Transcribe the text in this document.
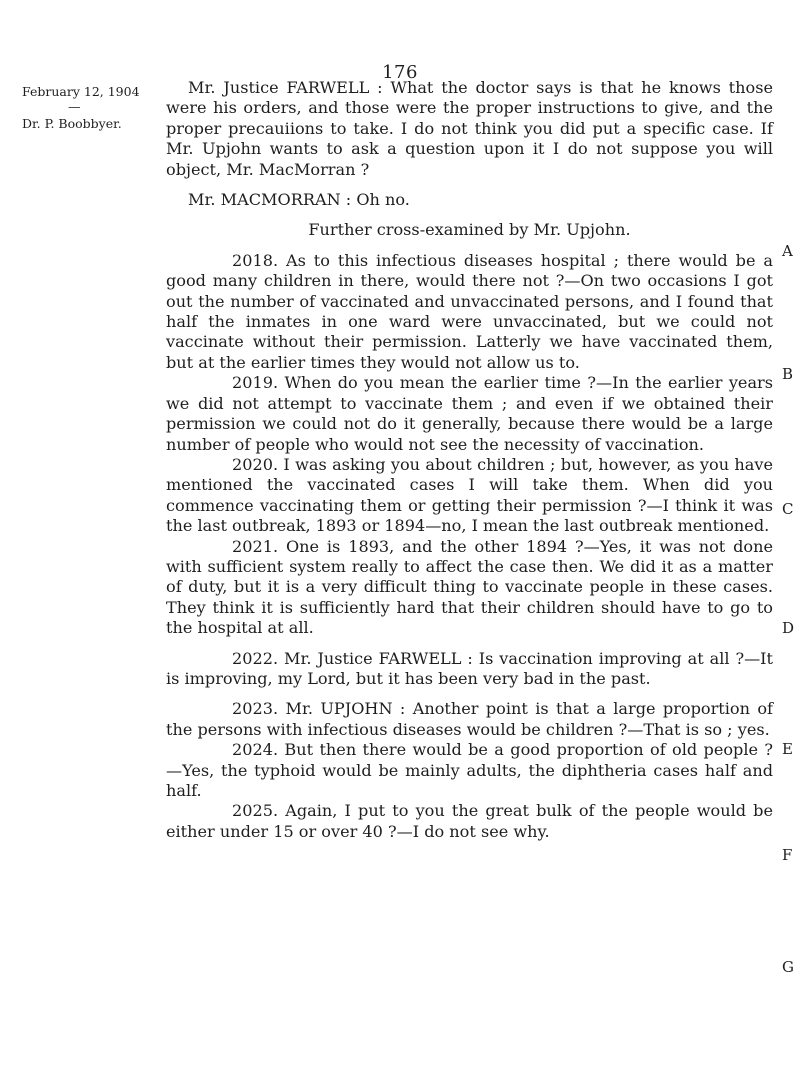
176
February 12, 1904
—
Dr. P. Boobbyer.
A
B
C
D
E
F
G

Mr. Justice FARWELL : What the doctor says is that he knows those were his orders, and those were the proper instructions to give, and the proper precauiions to take. I do not think you did put a specific case. If Mr. Upjohn wants to ask a question upon it I do not suppose you will object, Mr. MacMorran ?

Mr. MACMORRAN : Oh no.

Further cross-examined by Mr. Upjohn.

2018. As to this infectious diseases hospital ; there would be a good many children in there, would there not ?—On two occasions I got out the number of vaccinated and unvaccinated persons, and I found that half the inmates in one ward were unvaccinated, but we could not vaccinate without their permission. Latterly we have vaccinated them, but at the earlier times they would not allow us to.

2019. When do you mean the earlier time ?—In the earlier years we did not attempt to vaccinate them ; and even if we obtained their permission we could not do it generally, because there would be a large number of people who would not see the necessity of vaccination.

2020. I was asking you about children ; but, however, as you have mentioned the vaccinated cases I will take them. When did you commence vaccinating them or getting their permission ?—I think it was the last outbreak, 1893 or 1894—no, I mean the last outbreak mentioned.

2021. One is 1893, and the other 1894 ?—Yes, it was not done with sufficient system really to affect the case then. We did it as a matter of duty, but it is a very difficult thing to vaccinate people in these cases. They think it is sufficiently hard that their children should have to go to the hospital at all.

2022. Mr. Justice FARWELL : Is vaccination improving at all ?—It is improving, my Lord, but it has been very bad in the past.

2023. Mr. UPJOHN : Another point is that a large proportion of the persons with infectious diseases would be children ?—That is so ; yes.

2024. But then there would be a good proportion of old people ? —Yes, the typhoid would be mainly adults, the diphtheria cases half and half.

2025. Again, I put to you the great bulk of the people would be either under 15 or over 40 ?—I do not see why.
